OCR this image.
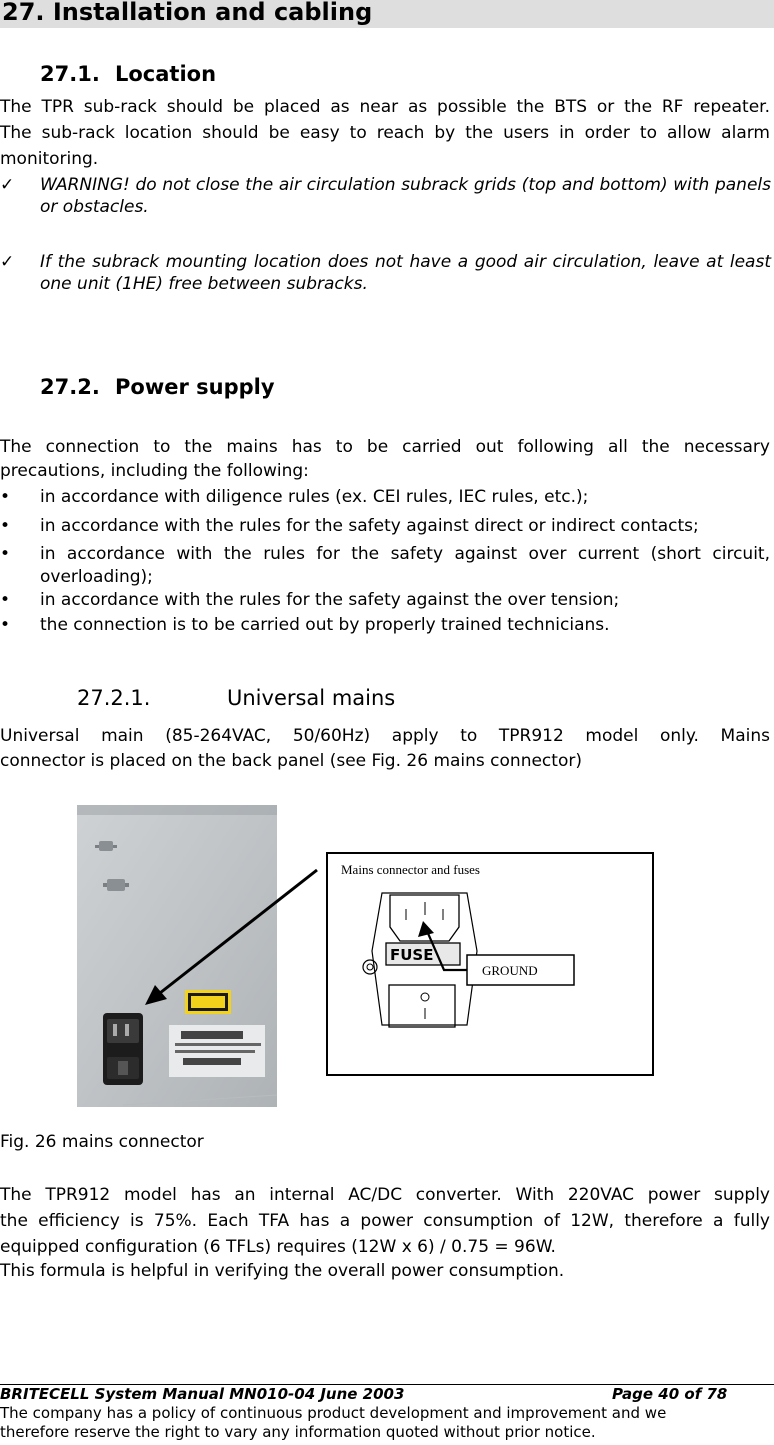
27. Installation and cabling
27.1. Location
The TPR sub-rack should be placed as near as possible the BTS or the RF repeater.
The sub-rack location should be easy to reach by the users in order to allow alarm
monitoring.
✓ WARNING! do not close the air circulation subrack grids (top and bottom) with panels or obstacles.
✓ If the subrack mounting location does not have a good air circulation, leave at least one unit (1HE) free between subracks.
27.2. Power supply
The connection to the mains has to be carried out following all the necessary
precautions, including the following:
• in accordance with diligence rules (ex. CEI rules, IEC rules, etc.);
• in accordance with the rules for the safety against direct or indirect contacts;
• in accordance with the rules for the safety against over current (short circuit, overloading);
• in accordance with the rules for the safety against the over tension;
• the connection is to be carried out by properly trained technicians.
27.2.1.	Universal mains
Universal main (85-264VAC, 50/60Hz) apply to TPR912 model only. Mains
connector is placed on the back panel (see Fig. 26 mains connector)
Mains connector and fuses
FUSE
GROUND
Fig. 26 mains connector
The TPR912 model has an internal AC/DC converter. With 220VAC power supply
the efficiency is 75%. Each TFA has a power consumption of 12W, therefore a fully
equipped configuration (6 TFLs) requires (12W x 6) / 0.75 = 96W.
This formula is helpful in verifying the overall power consumption.
BRITECELL System Manual MN010-04 June 2003	Page 40 of 78
The company has a policy of continuous product development and improvement and we therefore reserve the right to vary any information quoted without prior notice.
